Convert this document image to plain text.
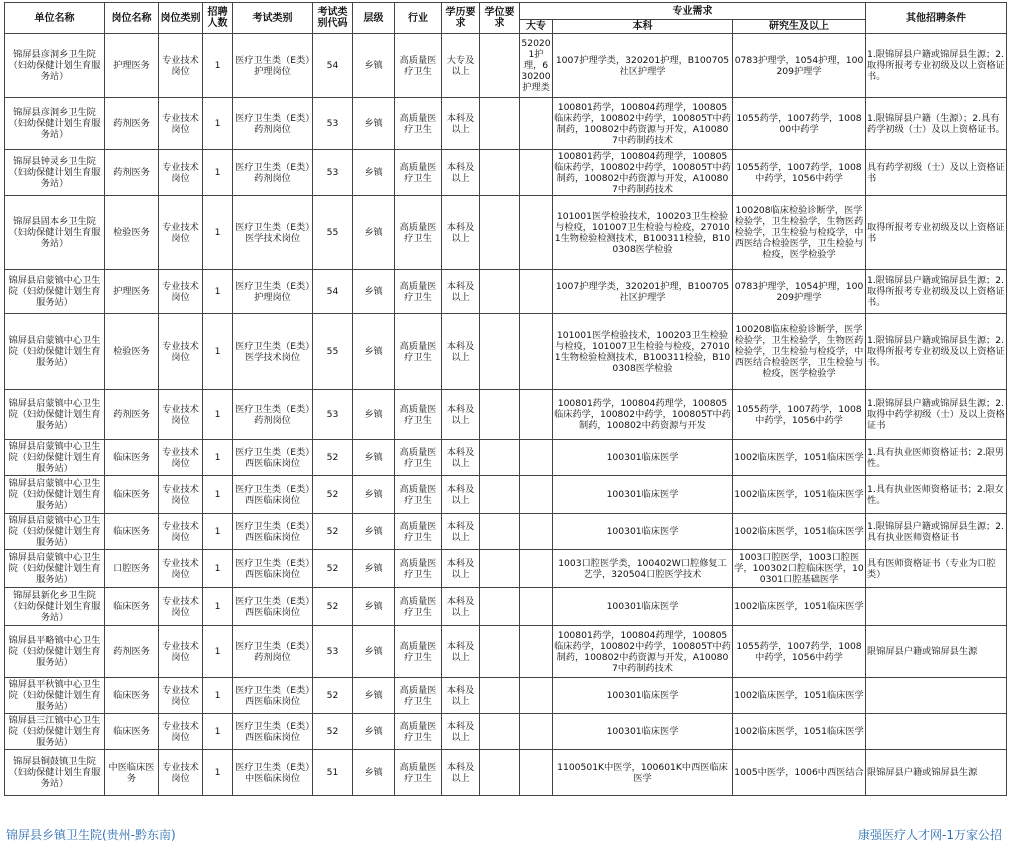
单位名称	岗位名称	岗位类别	招聘人数	考试类别	考试类别代码	层级	行业	学历要求	学位要求	专业需求			其他招聘条件
										大专	本科	研究生及以上	
锦屏县彦洞乡卫生院（妇幼保健计划生育服务站）	护理医务	专业技术岗位	1	医疗卫生类（E类）护理岗位	54	乡镇	高质量医疗卫生	大专及以上		520201护理，630200护理类	1007护理学类，320201护理，B100705社区护理学	0783护理学，1054护理，100209护理学	1.限锦屏县户籍或锦屏县生源；2.取得所报考专业初级及以上资格证书。
锦屏县彦洞乡卫生院（妇幼保健计划生育服务站）	药剂医务	专业技术岗位	1	医疗卫生类（E类）药剂岗位	53	乡镇	高质量医疗卫生	本科及以上			100801药学，100804药理学，100805临床药学，100802中药学，100805T中药制药，100802中药资源与开发，A100807中药制药技术	1055药学，1007药学，100800中药学	1.限锦屏县户籍（生源）；2.具有药学初级（士）及以上资格证书。
锦屏县钟灵乡卫生院（妇幼保健计划生育服务站）	药剂医务	专业技术岗位	1	医疗卫生类（E类）药剂岗位	53	乡镇	高质量医疗卫生	本科及以上			100801药学，100804药理学，100805临床药学，100802中药学，100805T中药制药，100802中药资源与开发，A100807中药制药技术	1055药学，1007药学，1008中药学，1056中药学	具有药学初级（士）及以上资格证书
锦屏县固本乡卫生院（妇幼保健计划生育服务站）	检验医务	专业技术岗位	1	医疗卫生类（E类）医学技术岗位	55	乡镇	高质量医疗卫生	本科及以上			101001医学检验技术，100203卫生检验与检疫，101007卫生检验与检疫，270101生物检验检测技术，B100311检验，B100308医学检验	100208临床检验诊断学，医学检验学，卫生检验学，生物医药检验学，卫生检验与检疫学，中西医结合检验医学，卫生检验与检疫，医学检验学	取得所报考专业初级及以上资格证书
锦屏县启蒙镇中心卫生院（妇幼保健计划生育服务站）	护理医务	专业技术岗位	1	医疗卫生类（E类）护理岗位	54	乡镇	高质量医疗卫生	本科及以上			1007护理学类，320201护理，B100705社区护理学	0783护理学，1054护理，100209护理学	1.限锦屏县户籍或锦屏县生源；2.取得所报考专业初级及以上资格证书。
锦屏县启蒙镇中心卫生院（妇幼保健计划生育服务站）	检验医务	专业技术岗位	1	医疗卫生类（E类）医学技术岗位	55	乡镇	高质量医疗卫生	本科及以上			101001医学检验技术，100203卫生检验与检疫，101007卫生检验与检疫，270101生物检验检测技术，B100311检验，B100308医学检验	100208临床检验诊断学，医学检验学，卫生检验学，生物医药检验学，卫生检验与检疫学，中西医结合检验医学，卫生检验与检疫，医学检验学	1.限锦屏县户籍或锦屏县生源；2.取得所报考专业初级及以上资格证书。
锦屏县启蒙镇中心卫生院（妇幼保健计划生育服务站）	药剂医务	专业技术岗位	1	医疗卫生类（E类）药剂岗位	53	乡镇	高质量医疗卫生	本科及以上			100801药学，100804药理学，100805临床药学，100802中药学，100805T中药制药，100802中药资源与开发	1055药学，1007药学，1008中药学，1056中药学	1.限锦屏县户籍或锦屏县生源；2.取得中药学初级（士）及以上资格证书
锦屏县启蒙镇中心卫生院（妇幼保健计划生育服务站）	临床医务	专业技术岗位	1	医疗卫生类（E类）西医临床岗位	52	乡镇	高质量医疗卫生	本科及以上			100301临床医学	1002临床医学，1051临床医学	1.具有执业医师资格证书；2.限男性。
锦屏县启蒙镇中心卫生院（妇幼保健计划生育服务站）	临床医务	专业技术岗位	1	医疗卫生类（E类）西医临床岗位	52	乡镇	高质量医疗卫生	本科及以上			100301临床医学	1002临床医学，1051临床医学	1.具有执业医师资格证书；2.限女性。
锦屏县启蒙镇中心卫生院（妇幼保健计划生育服务站）	临床医务	专业技术岗位	1	医疗卫生类（E类）西医临床岗位	52	乡镇	高质量医疗卫生	本科及以上			100301临床医学	1002临床医学，1051临床医学	1.限锦屏县户籍或锦屏县生源；2.具有执业医师资格证书
锦屏县启蒙镇中心卫生院（妇幼保健计划生育服务站）	口腔医务	专业技术岗位	1	医疗卫生类（E类）西医临床岗位	52	乡镇	高质量医疗卫生	本科及以上			1003口腔医学类，100402W口腔修复工艺学，320504口腔医学技术	1003口腔医学，1003口腔医学，100302口腔临床医学，100301口腔基础医学	具有医师资格证书（专业为口腔类）
锦屏县新化乡卫生院（妇幼保健计划生育服务站）	临床医务	专业技术岗位	1	医疗卫生类（E类）西医临床岗位	52	乡镇	高质量医疗卫生	本科及以上			100301临床医学	1002临床医学，1051临床医学	
锦屏县平略镇中心卫生院（妇幼保健计划生育服务站）	药剂医务	专业技术岗位	1	医疗卫生类（E类）药剂岗位	53	乡镇	高质量医疗卫生	本科及以上			100801药学，100804药理学，100805临床药学，100802中药学，100805T中药制药，100802中药资源与开发，A100807中药制药技术	1055药学，1007药学，1008中药学，1056中药学	限锦屏县户籍或锦屏县生源
锦屏县平秋镇中心卫生院（妇幼保健计划生育服务站）	临床医务	专业技术岗位	1	医疗卫生类（E类）西医临床岗位	52	乡镇	高质量医疗卫生	本科及以上			100301临床医学	1002临床医学，1051临床医学	
锦屏县三江镇中心卫生院（妇幼保健计划生育服务站）	临床医务	专业技术岗位	1	医疗卫生类（E类）西医临床岗位	52	乡镇	高质量医疗卫生	本科及以上			100301临床医学	1002临床医学，1051临床医学	
锦屏县铜鼓镇卫生院（妇幼保健计划生育服务站）	中医临床医务	专业技术岗位	1	医疗卫生类（E类）中医临床岗位	51	乡镇	高质量医疗卫生	本科及以上			1100501K中医学，100601K中西医临床医学	1005中医学，1006中西医结合	限锦屏县户籍或锦屏县生源
锦屏县乡镇卫生院(贵州-黔东南)	康强医疗人才网-1万家公招
